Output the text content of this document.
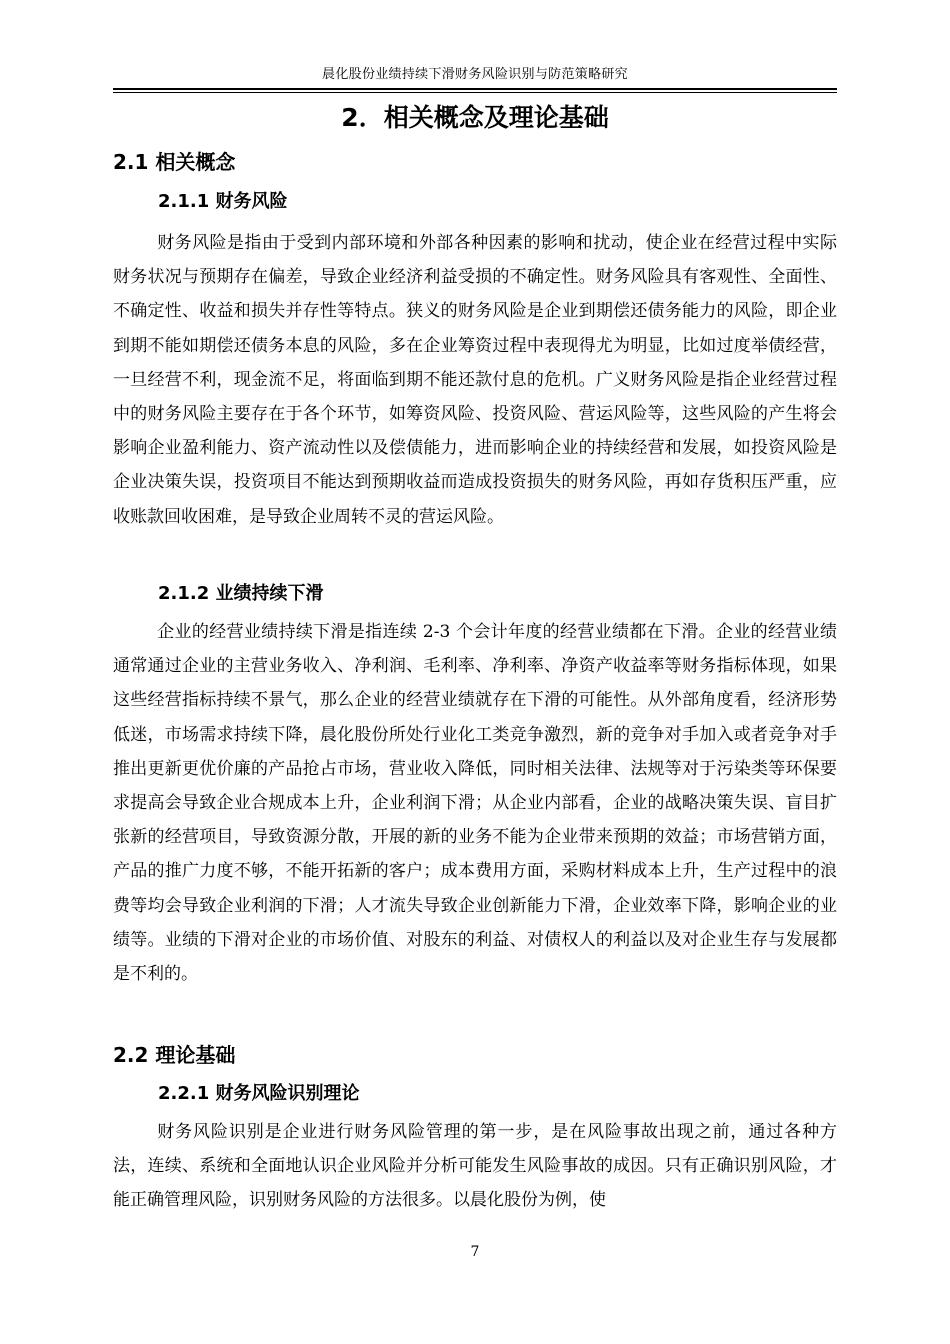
晨化股份业绩持续下滑财务风险识别与防范策略研究
2．相关概念及理论基础
2.1 相关概念
2.1.1 财务风险

财务风险是指由于受到内部环境和外部各种因素的影响和扰动，使企业在经营过程中实际财务状况与预期存在偏差，导致企业经济利益受损的不确定性。财务风险具有客观性、全面性、不确定性、收益和损失并存性等特点。狭义的财务风险是企业到期偿还债务能力的风险，即企业到期不能如期偿还债务本息的风险，多在企业筹资过程中表现得尤为明显，比如过度举债经营，一旦经营不利，现金流不足，将面临到期不能还款付息的危机。广义财务风险是指企业经营过程中的财务风险主要存在于各个环节，如筹资风险、投资风险、营运风险等，这些风险的产生将会影响企业盈利能力、资产流动性以及偿债能力，进而影响企业的持续经营和发展，如投资风险是企业决策失误，投资项目不能达到预期收益而造成投资损失的财务风险，再如存货积压严重，应收账款回收困难，是导致企业周转不灵的营运风险。

2.1.2 业绩持续下滑

企业的经营业绩持续下滑是指连续 2-3 个会计年度的经营业绩都在下滑。企业的经营业绩通常通过企业的主营业务收入、净利润、毛利率、净利率、净资产收益率等财务指标体现，如果这些经营指标持续不景气，那么企业的经营业绩就存在下滑的可能性。从外部角度看，经济形势低迷，市场需求持续下降，晨化股份所处行业化工类竞争激烈，新的竞争对手加入或者竞争对手推出更新更优价廉的产品抢占市场，营业收入降低，同时相关法律、法规等对于污染类等环保要求提高会导致企业合规成本上升，企业利润下滑；从企业内部看，企业的战略决策失误、盲目扩张新的经营项目，导致资源分散，开展的新的业务不能为企业带来预期的效益；市场营销方面，产品的推广力度不够，不能开拓新的客户；成本费用方面，采购材料成本上升，生产过程中的浪费等均会导致企业利润的下滑；人才流失导致企业创新能力下滑，企业效率下降，影响企业的业绩等。业绩的下滑对企业的市场价值、对股东的利益、对债权人的利益以及对企业生存与发展都是不利的。

2.2 理论基础
2.2.1 财务风险识别理论

财务风险识别是企业进行财务风险管理的第一步，是在风险事故出现之前，通过各种方法，连续、系统和全面地认识企业风险并分析可能发生风险事故的成因。只有正确识别风险，才能正确管理风险，识别财务风险的方法很多。以晨化股份为例，使

7
